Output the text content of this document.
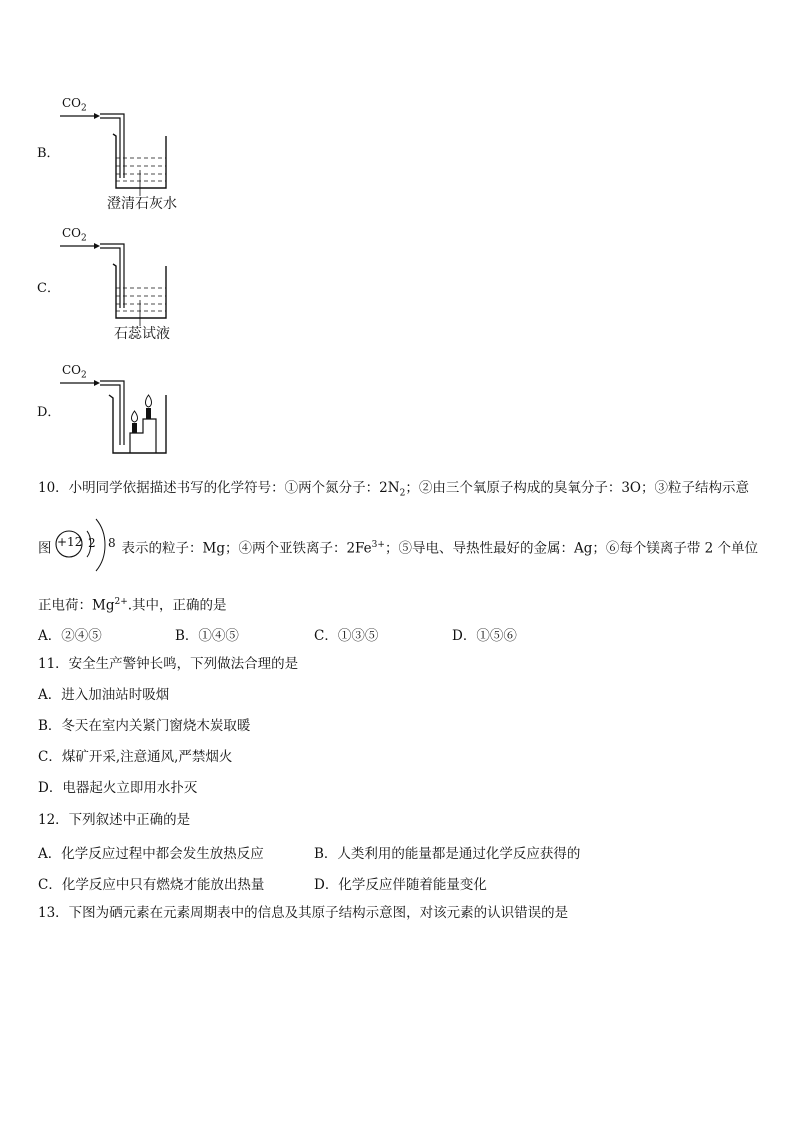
B．
$CO_2$
澄清石灰水
C．
$CO_2$
石蕊试液
D．
$CO_2$
10．小明同学依据描述书写的化学符号：①两个氮分子：$2N_2$；②由三个氧原子构成的臭氧分子：3O；③粒子结构示意
图	表示的粒子：Mg；④两个亚铁离子：$2Fe^{3+}$；⑤导电、导热性最好的金属：Ag；⑥每个镁离子带 2 个单位
+12 2 8
正电荷：$Mg^{2+}$.其中，正确的是
A．②④⑤	B．①④⑤	C．①③⑤	D．①⑤⑥
11．安全生产警钟长鸣，下列做法合理的是
A．进入加油站时吸烟
B．冬天在室内关紧门窗烧木炭取暖
C．煤矿开采,注意通风,严禁烟火
D．电器起火立即用水扑灭
12．下列叙述中正确的是
A．化学反应过程中都会发生放热反应	B．人类利用的能量都是通过化学反应获得的
C．化学反应中只有燃烧才能放出热量	D．化学反应伴随着能量变化
13．下图为硒元素在元素周期表中的信息及其原子结构示意图，对该元素的认识错误的是
